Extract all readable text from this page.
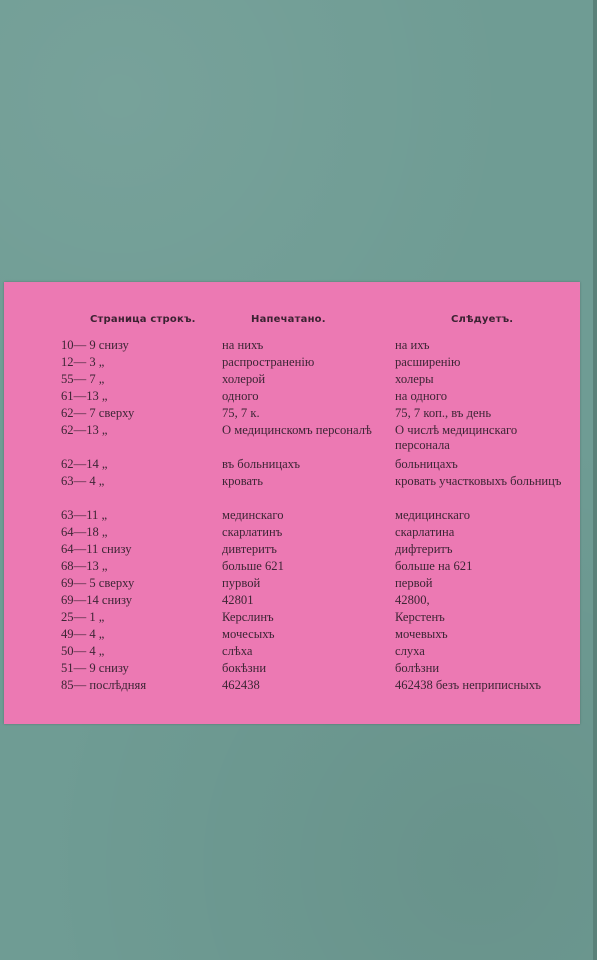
Страница строкъ.	Напечатано.	Слѣдуетъ.
10— 9 снизу	на нихъ	на ихъ
12— 3 „	распространенію	расширенію
55— 7 „	холерой	холеры
61—13 „	одного	на одного
62— 7 сверху	75, 7 к.	75, 7 коп., въ день
62—13 „	О медицинскомъ персоналѣ	О числѣ медицинскаго персонала
62—14 „	въ больницахъ	больницахъ
63— 4 „	кровать	кровать участковыхъ больницъ
63—11 „	мединскаго	медицинскаго
64—18 „	скарлатинъ	скарлатина
64—11 снизу	дивтеритъ	дифтеритъ
68—13 „	больше 621	больше на 621
69— 5 сверху	пурвой	первой
69—14 снизу	42801	42800,
25— 1 „	Керслинъ	Керстенъ
49— 4 „	мочесыхъ	мочевыхъ
50— 4 „	слѣха	слуха
51— 9 снизу	бокѣзни	болѣзни
85— послѣдняя	462438	462438 безъ неприписныхъ
